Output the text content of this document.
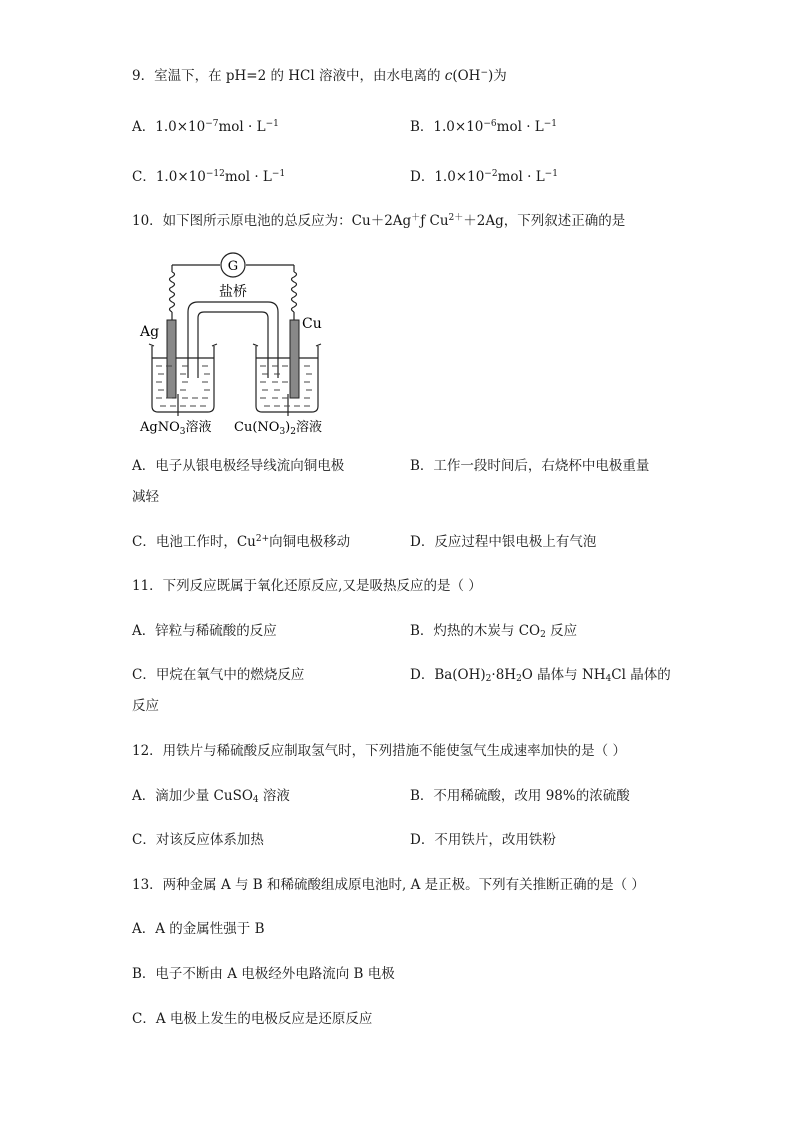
9．室温下，在 pH=2 的 HCl 溶液中，由水电离的 c(OH−)为
A．$1.0\times 10^{-7}mol \cdot L^{-1}$	B．$1.0\times 10^{-6}mol \cdot L^{-1}$
C．$1.0\times 10^{-12}mol \cdot L^{-1}$	D．$1.0\times 10^{-2}mol \cdot L^{-1}$
10．如下图所示原电池的总反应为：Cu＋2Ag＋ƒ $Cu^{2+}+2Ag$，下列叙述正确的是
G
盐桥
Ag	Cu
AgNO$_3$溶液 $Cu(NO_3)_2$溶液
A．电子从银电极经导线流向铜电极	B．工作一段时间后，右烧杯中电极重量
减轻
C．电池工作时，$Cu^{2+}$向铜电极移动	D．反应过程中银电极上有气泡
11．下列反应既属于氧化还原反应,又是吸热反应的是（ ）
A．锌粒与稀硫酸的反应	B．灼热的木炭与 $CO_2$ 反应
C．甲烷在氧气中的燃烧反应	D．$Ba(OH)_2\cdot 8H_2O$ 晶体与 $NH_4Cl$ 晶体的
反应
12．用铁片与稀硫酸反应制取氢气时，下列措施不能使氢气生成速率加快的是（ ）
A．滴加少量 CuSO$_4$ 溶液	B．不用稀硫酸，改用 98%的浓硫酸
C．对该反应体系加热	D．不用铁片，改用铁粉
13．两种金属 A 与 B 和稀硫酸组成原电池时, A 是正极。下列有关推断正确的是（ ）
A．A 的金属性强于 B
B．电子不断由 A 电极经外电路流向 B 电极
C．A 电极上发生的电极反应是还原反应
